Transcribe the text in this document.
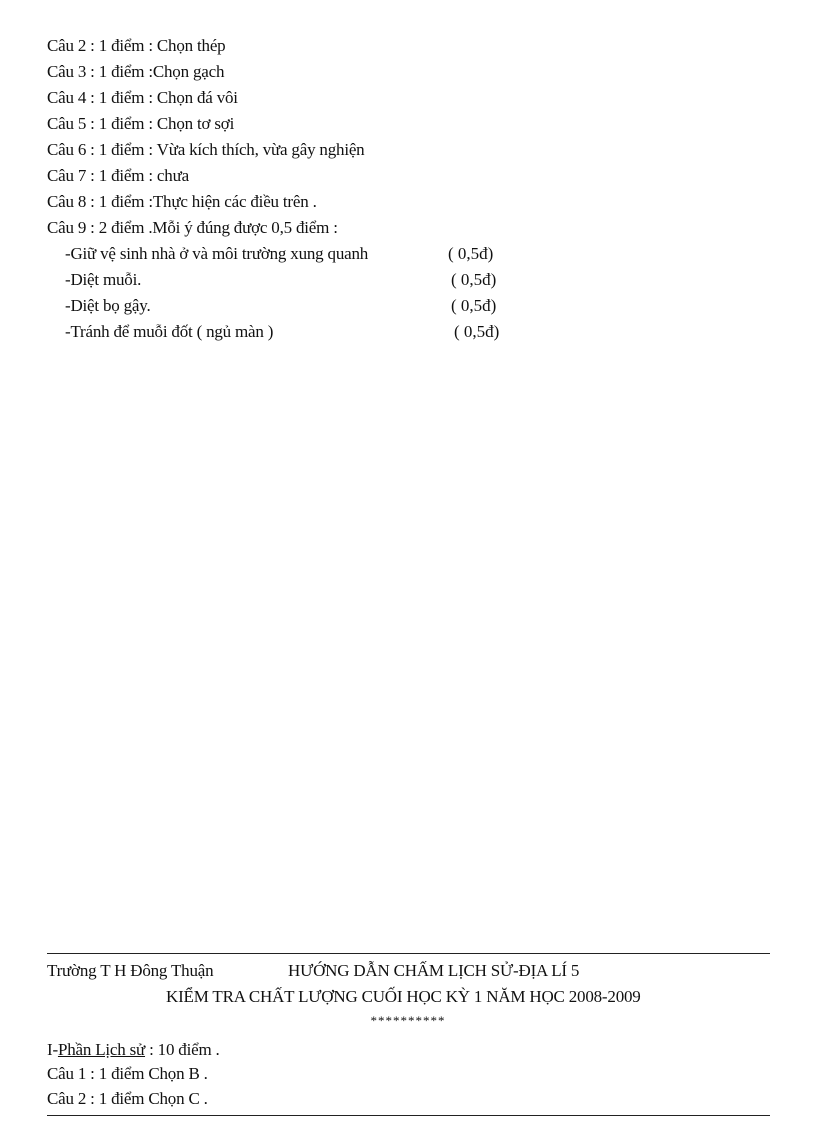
Câu 2 : 1 điểm : Chọn thép
Câu 3 : 1 điểm :Chọn gạch
Câu 4 : 1 điểm : Chọn đá vôi
Câu 5 : 1 điểm : Chọn tơ sợi
Câu 6 : 1 điểm : Vừa kích thích, vừa gây nghiện
Câu 7 : 1 điểm : chưa
Câu 8 : 1 điểm :Thực hiện các điều trên .
Câu 9 : 2 điểm .Mỗi ý đúng được 0,5 điểm :
-Giữ vệ sinh nhà ở và môi trường xung quanh	( 0,5đ)
-Diệt muỗi.	( 0,5đ)
-Diệt bọ gậy.	( 0,5đ)
-Tránh để muỗi đốt ( ngủ màn )	( 0,5đ)
Trường T H Đông Thuận	HƯỚNG DẪN CHẤM LỊCH SỬ-ĐỊA LÍ 5
KIỂM TRA CHẤT LƯỢNG CUỐI HỌC KỲ 1 NĂM HỌC 2008-2009
**********
I-Phần Lịch sử : 10 điểm .
Câu 1 : 1 điểm Chọn B .
Câu 2 : 1 điểm Chọn C .
